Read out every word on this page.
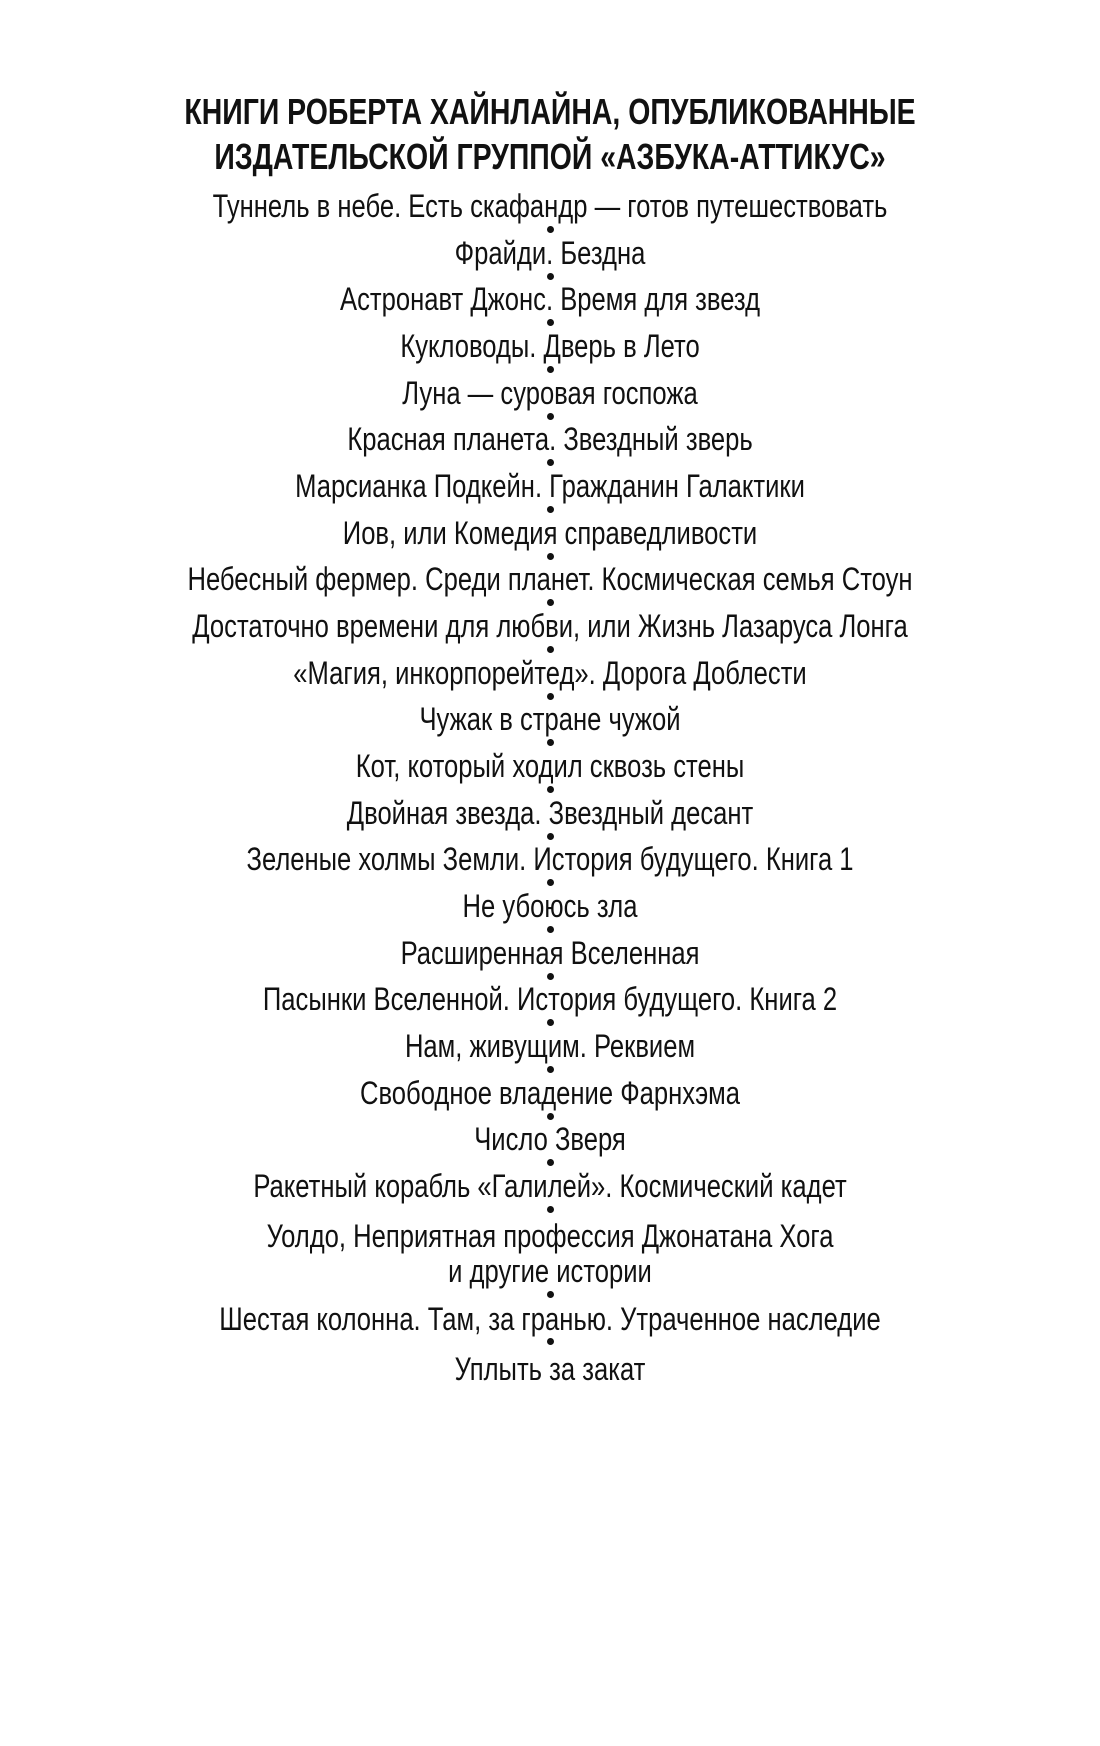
КНИГИ РОБЕРТА ХАЙНЛАЙНА, ОПУБЛИКОВАННЫЕ
ИЗДАТЕЛЬСКОЙ ГРУППОЙ «АЗБУКА-АТТИКУС»
Туннель в небе. Есть скафандр — готов путешествовать
Фрайди. Бездна
Астронавт Джонс. Время для звезд
Кукловоды. Дверь в Лето
Луна — суровая госпожа
Красная планета. Звездный зверь
Марсианка Подкейн. Гражданин Галактики
Иов, или Комедия справедливости
Небесный фермер. Среди планет. Космическая семья Стоун
Достаточно времени для любви, или Жизнь Лазаруса Лонга
«Магия, инкорпорейтед». Дорога Доблести
Чужак в стране чужой
Кот, который ходил сквозь стены
Двойная звезда. Звездный десант
Зеленые холмы Земли. История будущего. Книга 1
Не убоюсь зла
Расширенная Вселенная
Пасынки Вселенной. История будущего. Книга 2
Нам, живущим. Реквием
Свободное владение Фарнхэма
Число Зверя
Ракетный корабль «Галилей». Космический кадет
Уолдо, Неприятная профессия Джонатана Хога
и другие истории
Шестая колонна. Там, за гранью. Утраченное наследие
Уплыть за закат
